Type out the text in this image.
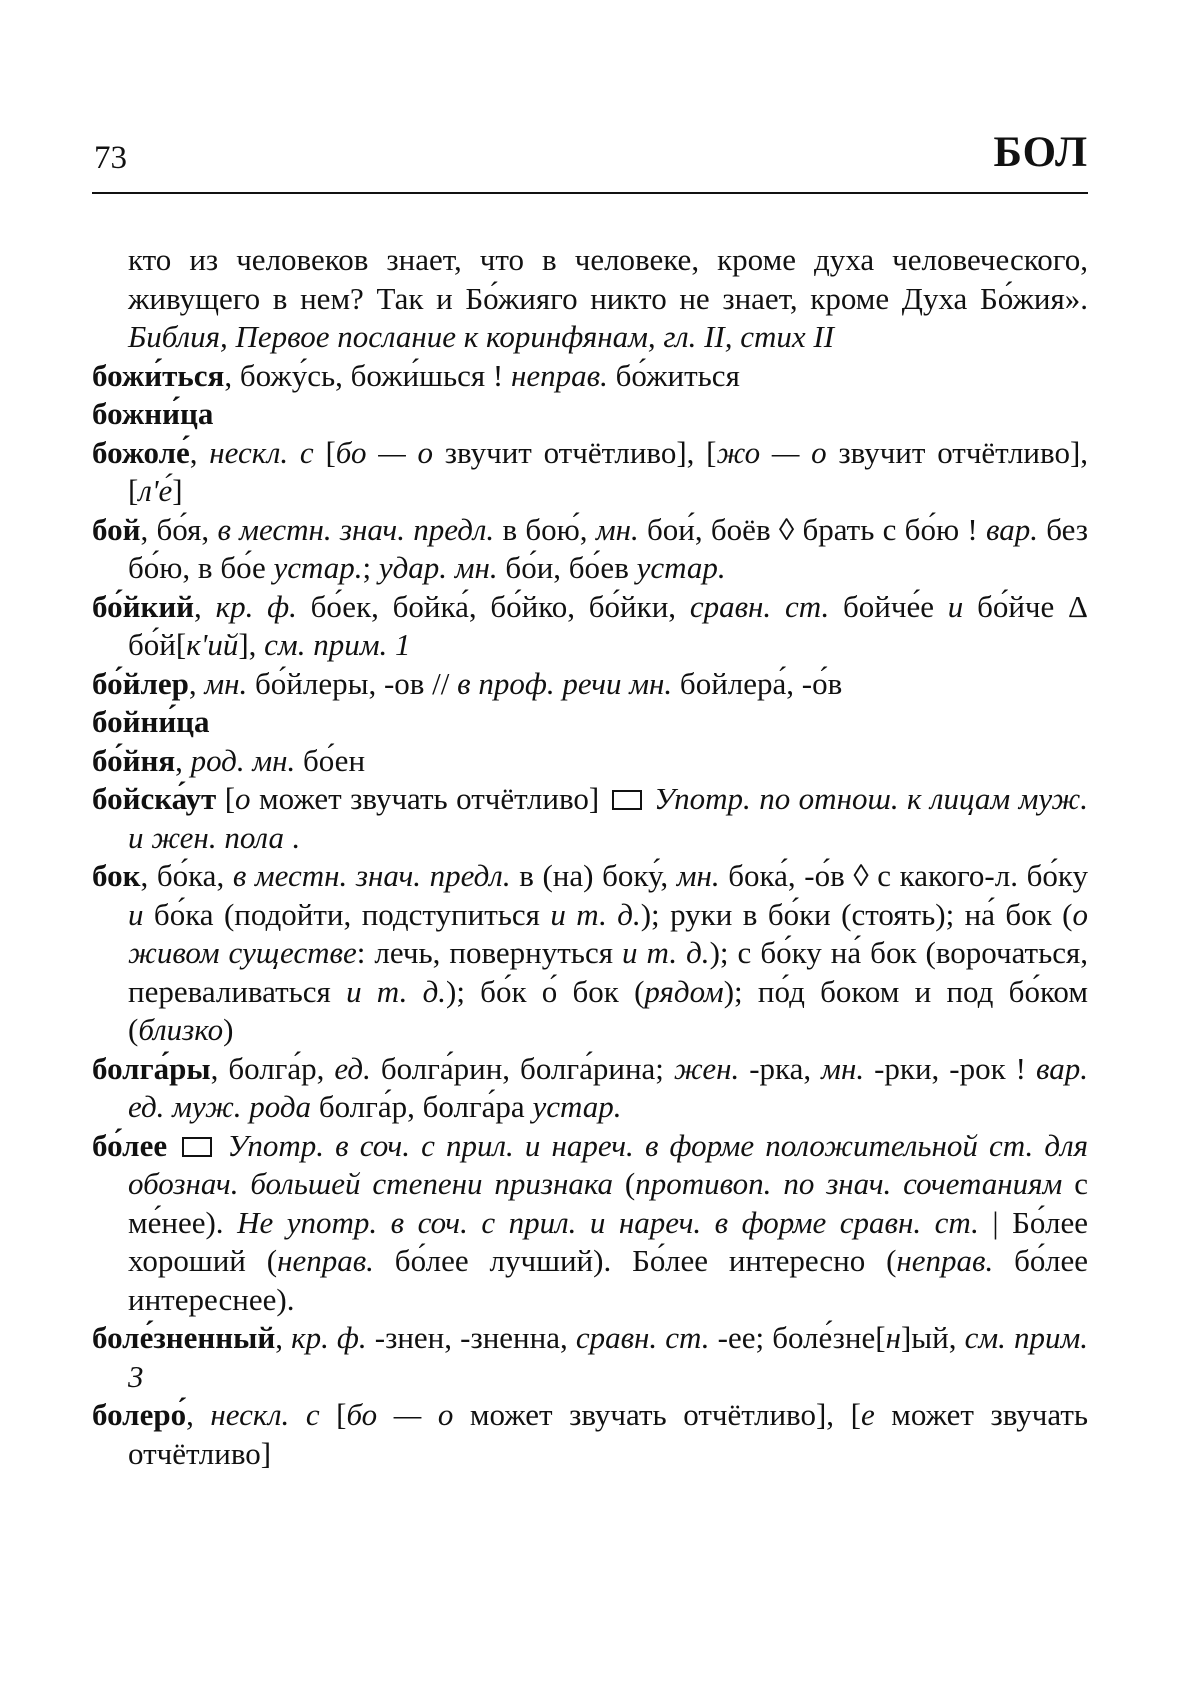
73	БОЛ
кто из человеков знает, что в человеке, кроме духа человеческого, живущего в нем? Так и Бо́жияго никто не знает, кроме Духа Бо́жия». Библия, Первое послание к коринфянам, гл. II, стих II
божи́ться, божу́сь, божи́шься ! неправ. бо́житься
божни́ца
божоле́, нескл. с [бо — о звучит отчётливо], [жо — о звучит отчётливо], [л'е́]
бой, бо́я, в местн. знач. предл. в бою́, мн. бои́, боёв ◊ брать с бо́ю ! вар. без бо́ю, в бо́е устар.; удар. мн. бо́и, бо́ев устар.
бо́йкий, кр. ф. бо́ек, бойка́, бо́йко, бо́йки, сравн. ст. бойче́е и бо́йче Δ бо́й[к'ий], см. прим. 1
бо́йлер, мн. бо́йлеры, -ов // в проф. речи мн. бойлера́, -о́в
бойни́ца
бо́йня, род. мн. бо́ен
бойска́ут [о может звучать отчётливо]  Употр. по отнош. к лицам муж. и жен. пола .
бок, бо́ка, в местн. знач. предл. в (на) боку́, мн. бока́, -о́в ◊ с какого-л. бо́ку и бо́ка (подойти, подступиться и т. д.); руки в бо́ки (стоять); на́ бок (о живом существе: лечь, повернуться и т. д.); с бо́ку на́ бок (ворочаться, переваливаться и т. д.); бо́к о́ бок (рядом); по́д боком и под бо́ком (близко)
болга́ры, болга́р, ед. болга́рин, болга́рина; жен. -рка, мн. -рки, -рок ! вар. ед. муж. рода болга́р, болга́ра устар.
бо́лее Употр. в соч. с прил. и нареч. в форме положительной ст. для обознач. большей степени признака (противоп. по знач. сочетаниям с ме́нее). Не употр. в соч. с прил. и нареч. в форме сравн. ст. | Бо́лее хороший (неправ. бо́лее лучший). Бо́лее интересно (неправ. бо́лее интереснее).
боле́зненный, кр. ф. -знен, -зненна, сравн. ст. -ее; боле́зне[н]ый, см. прим. 3
болеро́, нескл. с [бо — о может звучать отчётливо], [е может звучать отчётливо]
